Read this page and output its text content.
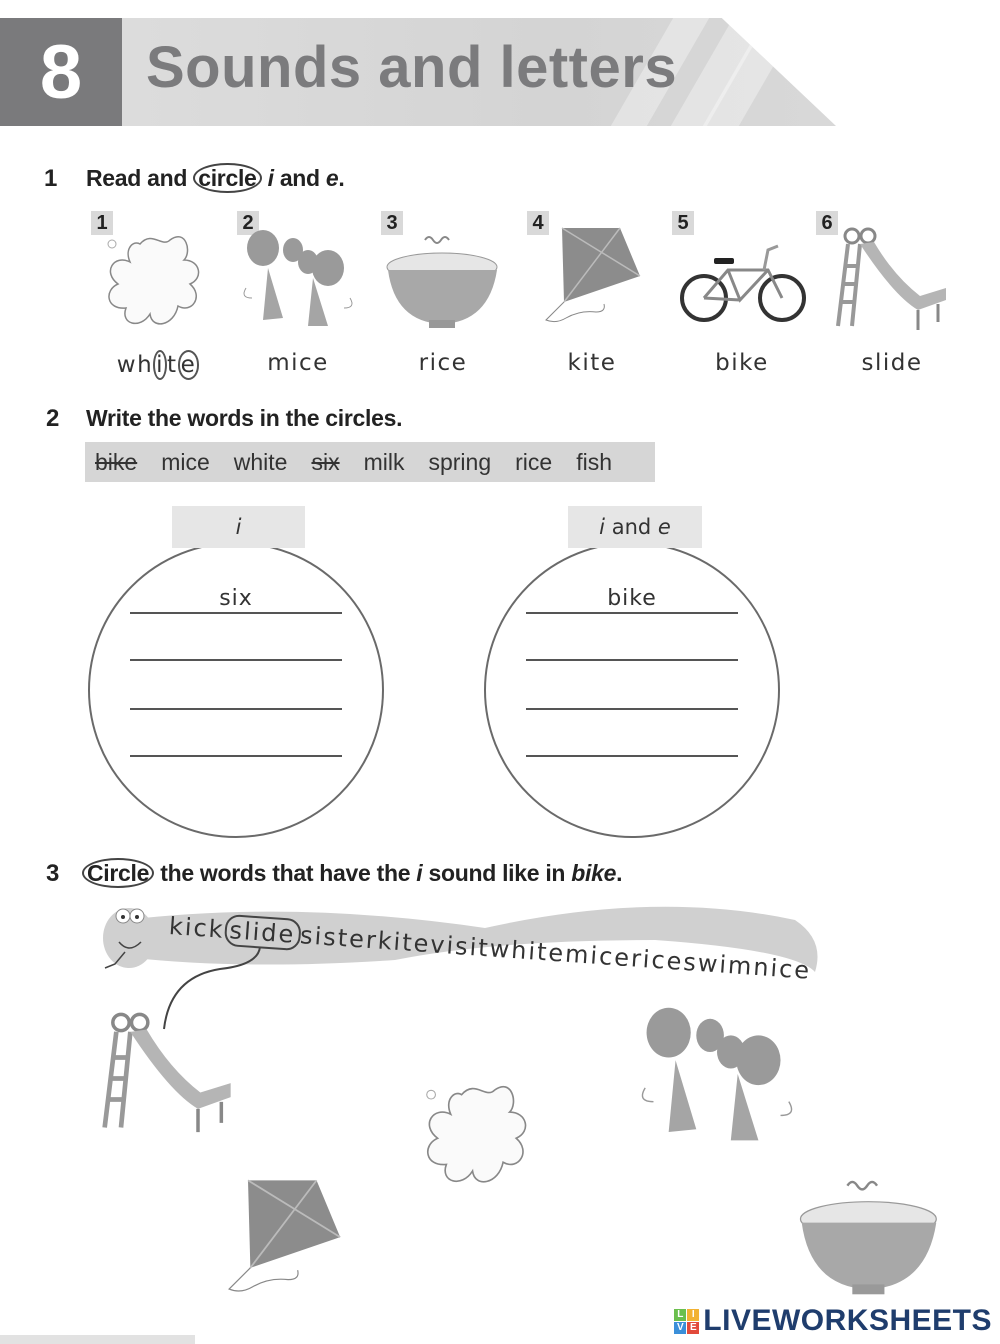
8 Sounds and letters
1 Read and circle i and e.
1
wh i t e
2
mice
3
rice
4
kite
5
bike
6
slide
2 Write the words in the circles.
bike mice white six milk spring rice fish
i
six
i
and
e
bike
3 Circle the words that have the i sound like in bike.
kick slide sisterkitevisitwhitemicericeswimnice
L I
V E LIVEWORKSHEETS
